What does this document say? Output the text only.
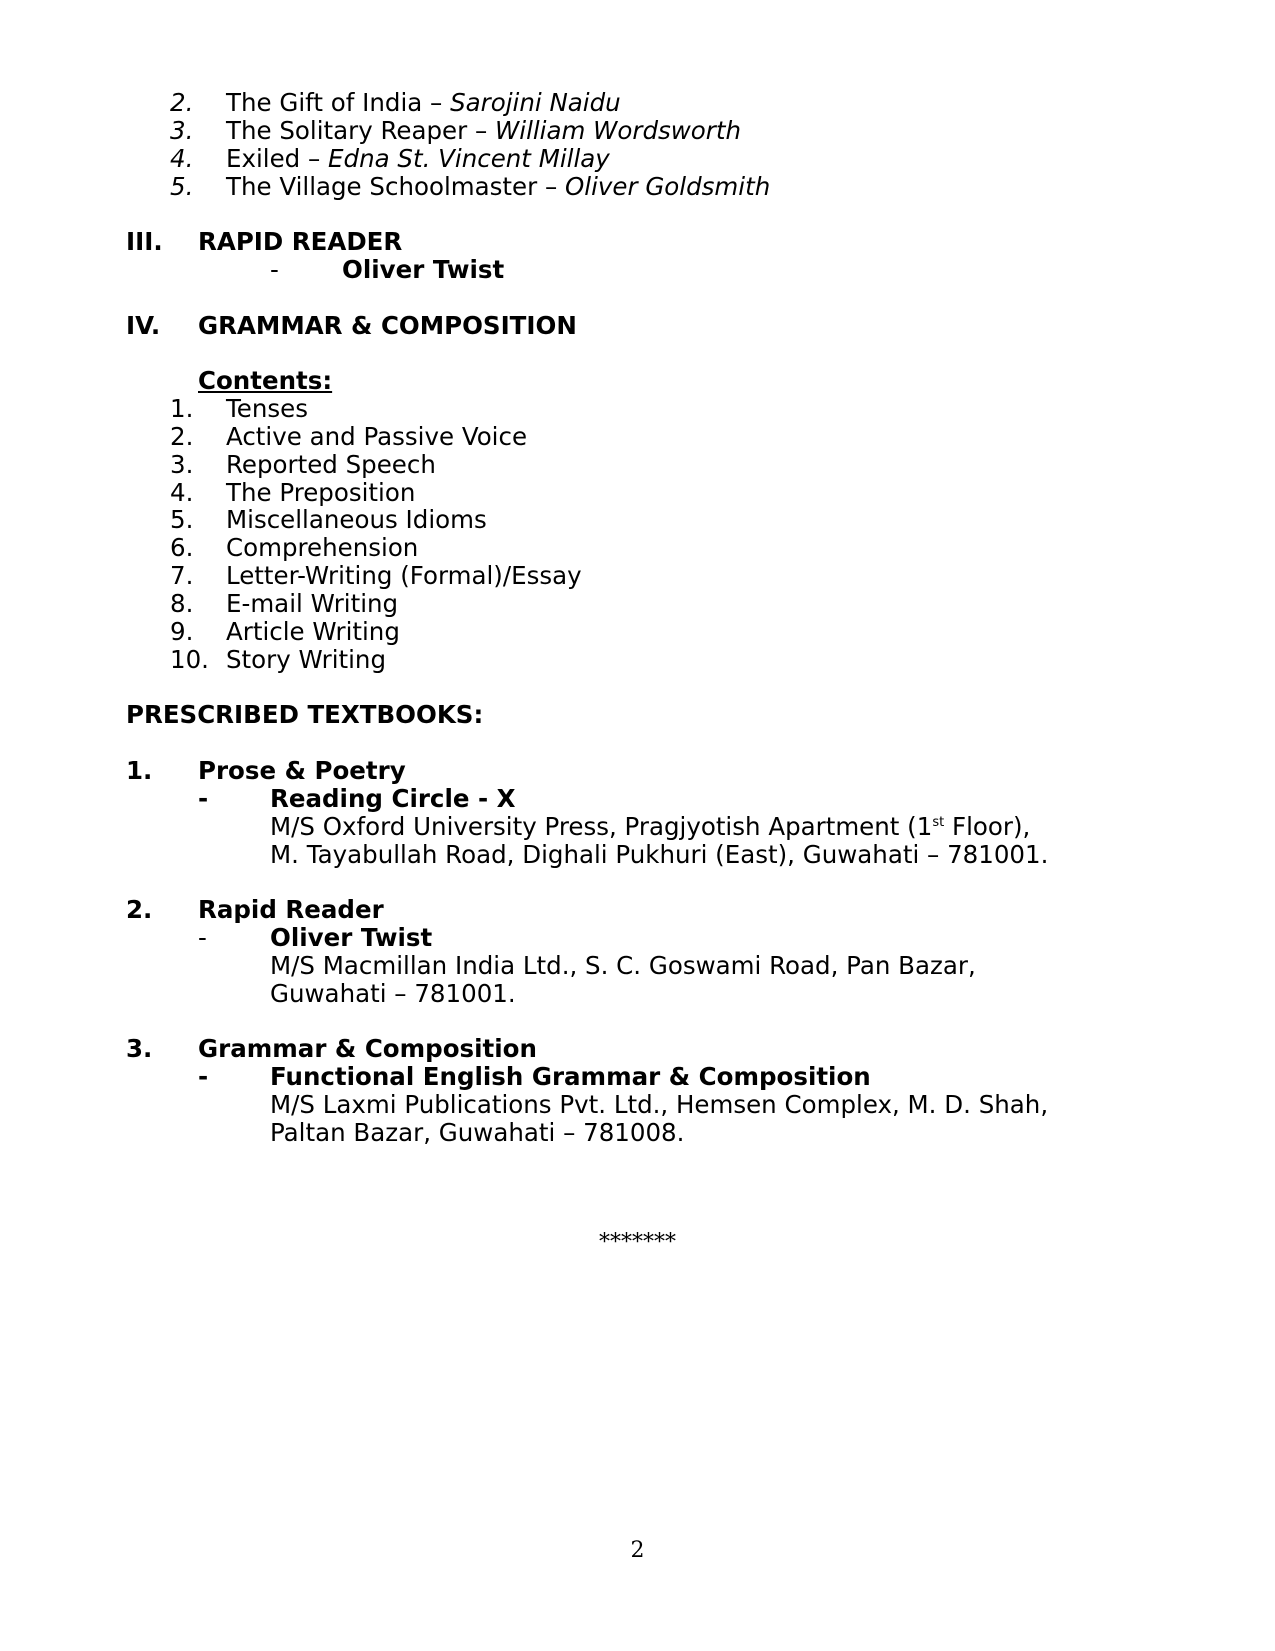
2. The Gift of India – Sarojini Naidu
3. The Solitary Reaper – William Wordsworth
4. Exiled – Edna St. Vincent Millay
5. The Village Schoolmaster – Oliver Goldsmith
III. RAPID READER
-	Oliver Twist
IV. GRAMMAR & COMPOSITION
Contents:
1. Tenses
2. Active and Passive Voice
3. Reported Speech
4. The Preposition
5. Miscellaneous Idioms
6. Comprehension
7. Letter-Writing (Formal)/Essay
8. E-mail Writing
9. Article Writing
10. Story Writing
PRESCRIBED TEXTBOOKS:
1. Prose & Poetry
-	Reading Circle - X
M/S Oxford University Press, Pragjyotish Apartment (1st Floor),
M. Tayabullah Road, Dighali Pukhuri (East), Guwahati – 781001.
2. Rapid Reader
-	Oliver Twist
M/S Macmillan India Ltd., S. C. Goswami Road, Pan Bazar,
Guwahati – 781001.
3. Grammar & Composition
-	Functional English Grammar & Composition
M/S Laxmi Publications Pvt. Ltd., Hemsen Complex, M. D. Shah,
Paltan Bazar, Guwahati – 781008.
*******
2
